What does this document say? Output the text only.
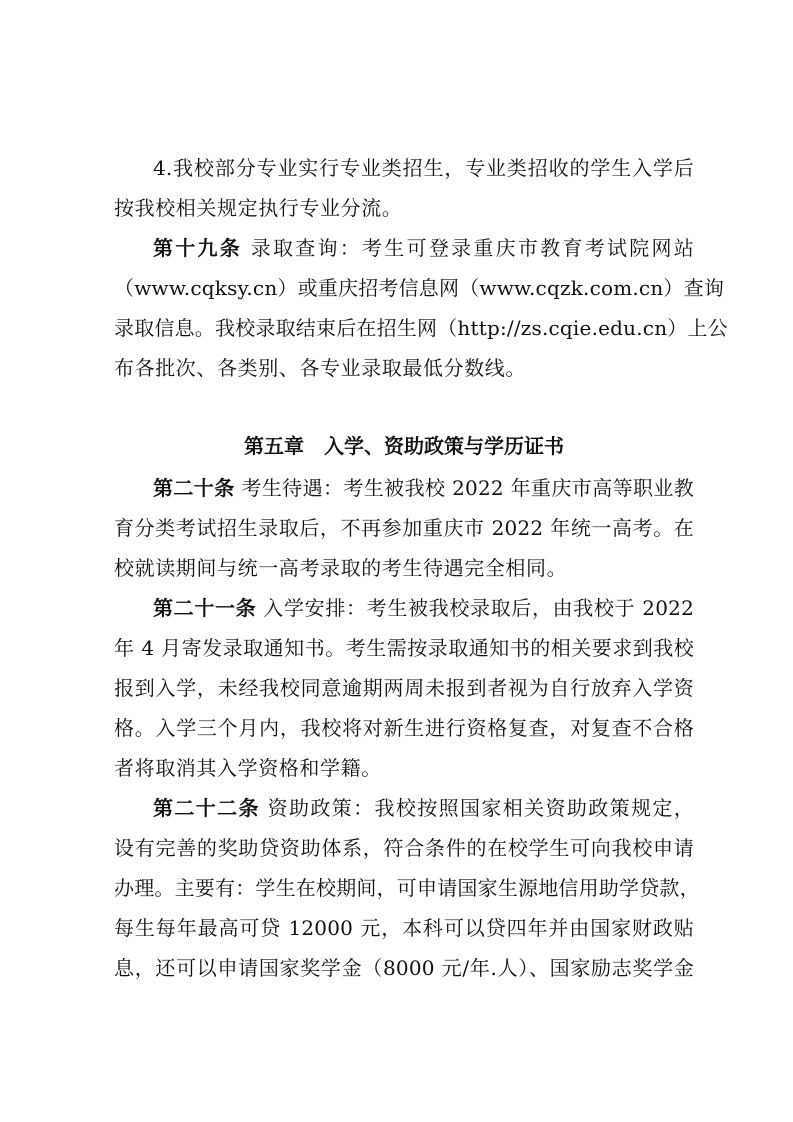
4.我校部分专业实行专业类招生，专业类招收的学生入学后
按我校相关规定执行专业分流。
第十九条 录取查询：考生可登录重庆市教育考试院网站
（www.cqksy.cn）或重庆招考信息网（www.cqzk.com.cn）查询
录取信息。我校录取结束后在招生网（http://zs.cqie.edu.cn）上公
布各批次、各类别、各专业录取最低分数线。
第五章　入学、资助政策与学历证书
第二十条 考生待遇：考生被我校 2022 年重庆市高等职业教
育分类考试招生录取后，不再参加重庆市 2022 年统一高考。在
校就读期间与统一高考录取的考生待遇完全相同。
第二十一条 入学安排：考生被我校录取后，由我校于 2022
年 4 月寄发录取通知书。考生需按录取通知书的相关要求到我校
报到入学，未经我校同意逾期两周未报到者视为自行放弃入学资
格。入学三个月内，我校将对新生进行资格复查，对复查不合格
者将取消其入学资格和学籍。
第二十二条 资助政策：我校按照国家相关资助政策规定，
设有完善的奖助贷资助体系，符合条件的在校学生可向我校申请
办理。主要有：学生在校期间，可申请国家生源地信用助学贷款，
每生每年最高可贷 12000 元，本科可以贷四年并由国家财政贴
息，还可以申请国家奖学金（8000 元/年.人）、国家励志奖学金
